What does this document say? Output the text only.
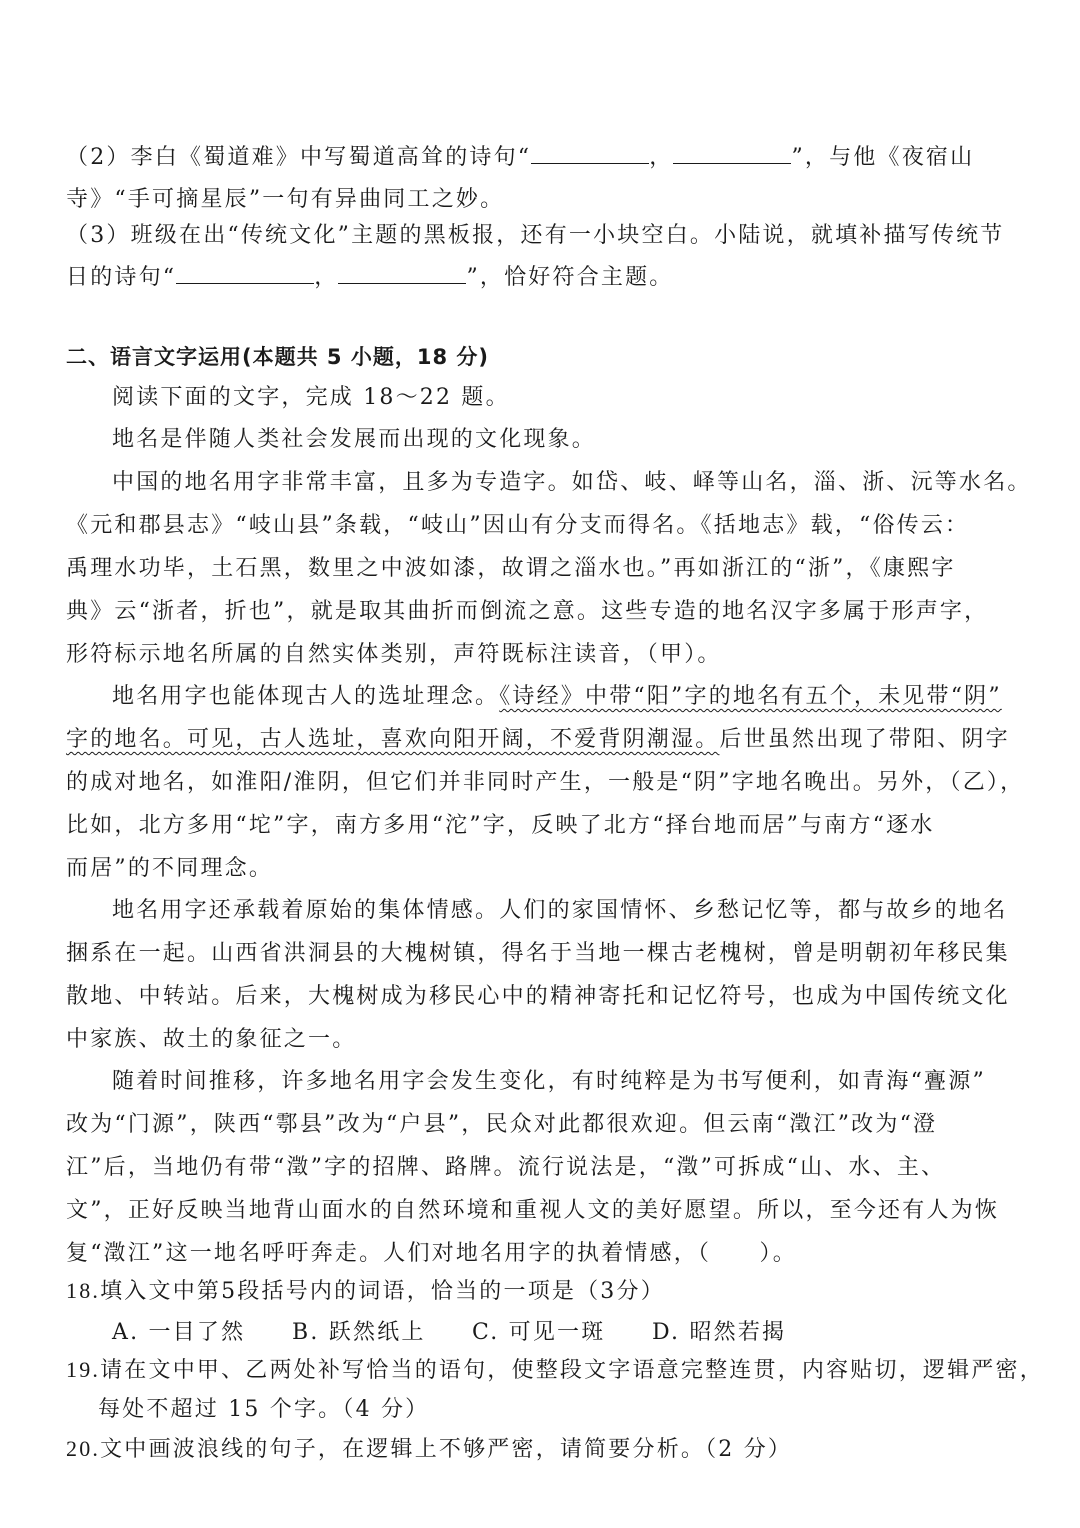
（2）李白《蜀道难》中写蜀道高耸的诗句“	，	”，与他《夜宿山
寺》“手可摘星辰”一句有异曲同工之妙。
（3）班级在出“传统文化”主题的黑板报，还有一小块空白。小陆说，就填补描写传统节
日的诗句“	，	”，恰好符合主题。
二、语言文字运用(本题共 5 小题，18 分)
阅读下面的文字，完成 18～22 题。
地名是伴随人类社会发展而出现的文化现象。
中国的地名用字非常丰富，且多为专造字。如岱、岐、峄等山名，淄、浙、沅等水名。
《元和郡县志》“岐山县”条载，“岐山”因山有分支而得名。《括地志》载，“俗传云：
禹理水功毕，土石黑，数里之中波如漆，故谓之淄水也。”再如浙江的“浙”，《康熙字
典》云“浙者，折也”，就是取其曲折而倒流之意。这些专造的地名汉字多属于形声字，
形符标示地名所属的自然实体类别，声符既标注读音，（甲）。
地名用字也能体现古人的选址理念。《诗经》中带“阳”字的地名有五个，未见带“阴”
字的地名。可见，古人选址，喜欢向阳开阔，不爱背阴潮湿。后世虽然出现了带阳、阴字
的成对地名，如淮阳/淮阴，但它们并非同时产生，一般是“阴”字地名晚出。另外，（乙），
比如，北方多用“坨”字，南方多用“沱”字，反映了北方“择台地而居”与南方“逐水
而居”的不同理念。
地名用字还承载着原始的集体情感。人们的家国情怀、乡愁记忆等，都与故乡的地名
捆系在一起。山西省洪洞县的大槐树镇，得名于当地一棵古老槐树，曾是明朝初年移民集
散地、中转站。后来，大槐树成为移民心中的精神寄托和记忆符号，也成为中国传统文化
中家族、故土的象征之一。
随着时间推移，许多地名用字会发生变化，有时纯粹是为书写便利，如青海“亹源”
改为“门源”，陕西“鄠县”改为“户县”，民众对此都很欢迎。但云南“澂江”改为“澄
江”后，当地仍有带“澂”字的招牌、路牌。流行说法是，“澂”可拆成“山、水、主、
文”，正好反映当地背山面水的自然环境和重视人文的美好愿望。所以，至今还有人为恢
复“澂江”这一地名呼吁奔走。人们对地名用字的执着情感，（　　）。
18.填入文中第5段括号内的词语，恰当的一项是（3分）
A. 一目了然 B. 跃然纸上 C. 可见一斑 D. 昭然若揭
19.请在文中甲、乙两处补写恰当的语句，使整段文字语意完整连贯，内容贴切，逻辑严密，
每处不超过 15 个字。（4 分）
20.文中画波浪线的句子，在逻辑上不够严密，请简要分析。（2 分）
